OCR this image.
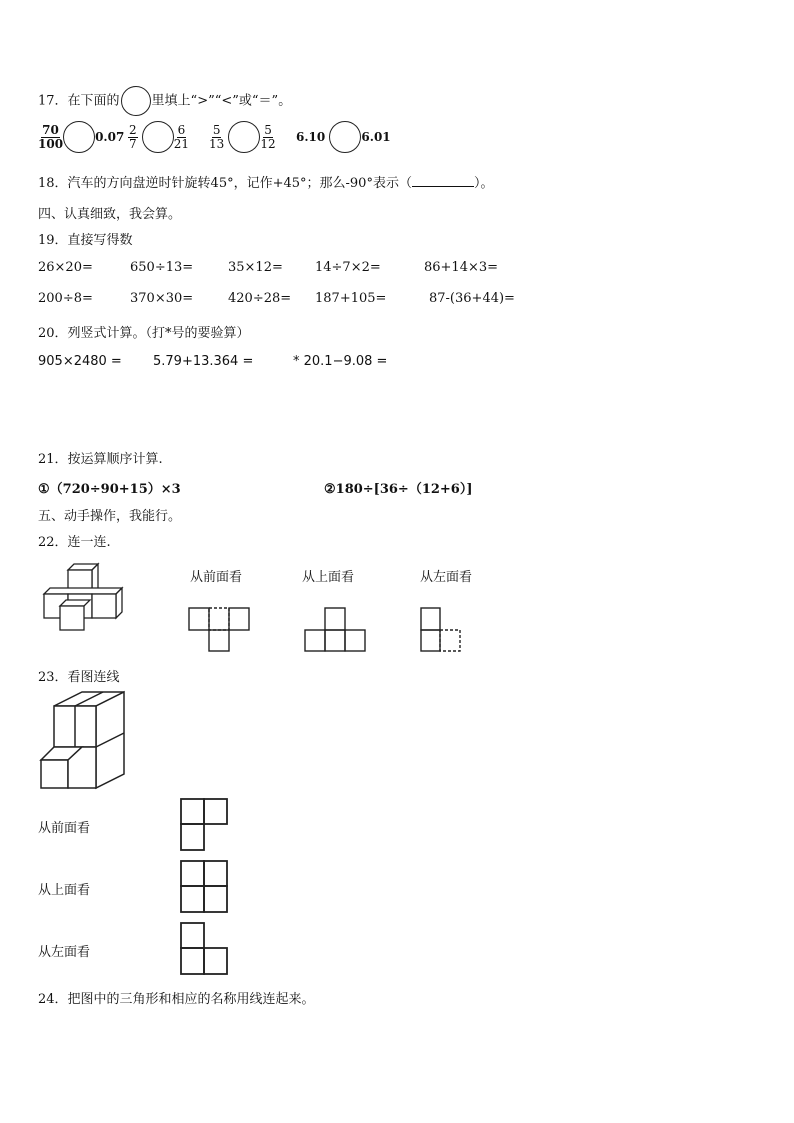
17．在下面的 里填上“>”“<”或“＝”。
$\frac{70}{100}$	$0.07 \frac{2}{7}$
	$\frac{6}{21} \frac{5}{13}$
	$\frac{5}{12} 6.10$	6.01
18．汽车的方向盘逆时针旋转45°，记作+45°；那么-90°表示（	）。
四、认真细致，我会算。
19．直接写得数
26×20=	650÷13=	35×12= 14÷7×2=	86+14×3=
200÷8=	370×30=	420÷28= 187+105=	87-(36+44)=
20．列竖式计算。（打*号的要验算）
905×2480 = 5.79+13.364 =	* 20.1−9.08 =
21．按运算顺序计算.
①（720÷90+15）×3	②180÷[36÷（12+6）]
五、动手操作，我能行。
22．连一连.
从前面看	从上面看	从左面看
23．看图连线
从前面看
从上面看
从左面看
24．把图中的三角形和相应的名称用线连起来。
